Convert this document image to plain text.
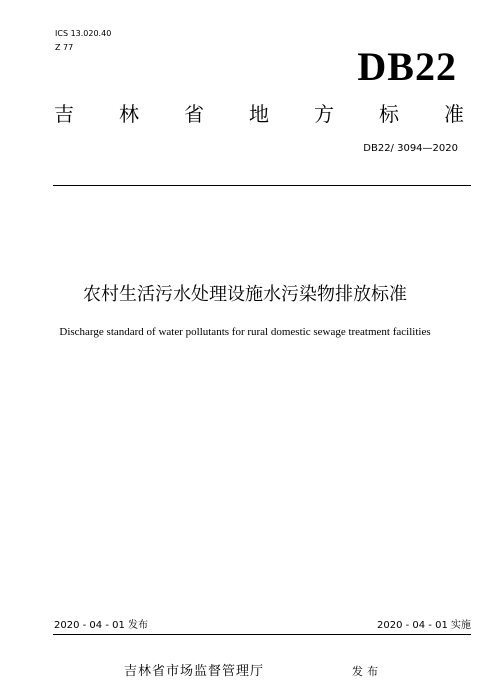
ICS 13.020.40
Z 77	DB22
吉 林 省 地 方 标 准
DB22/ 3094—2020
农村生活污水处理设施水污染物排放标准
Discharge standard of water pollutants for rural domestic sewage treatment facilities
2020 - 04 - 01 发布	2020 - 04 - 01 实施
吉林省市场监督管理厅	发布
